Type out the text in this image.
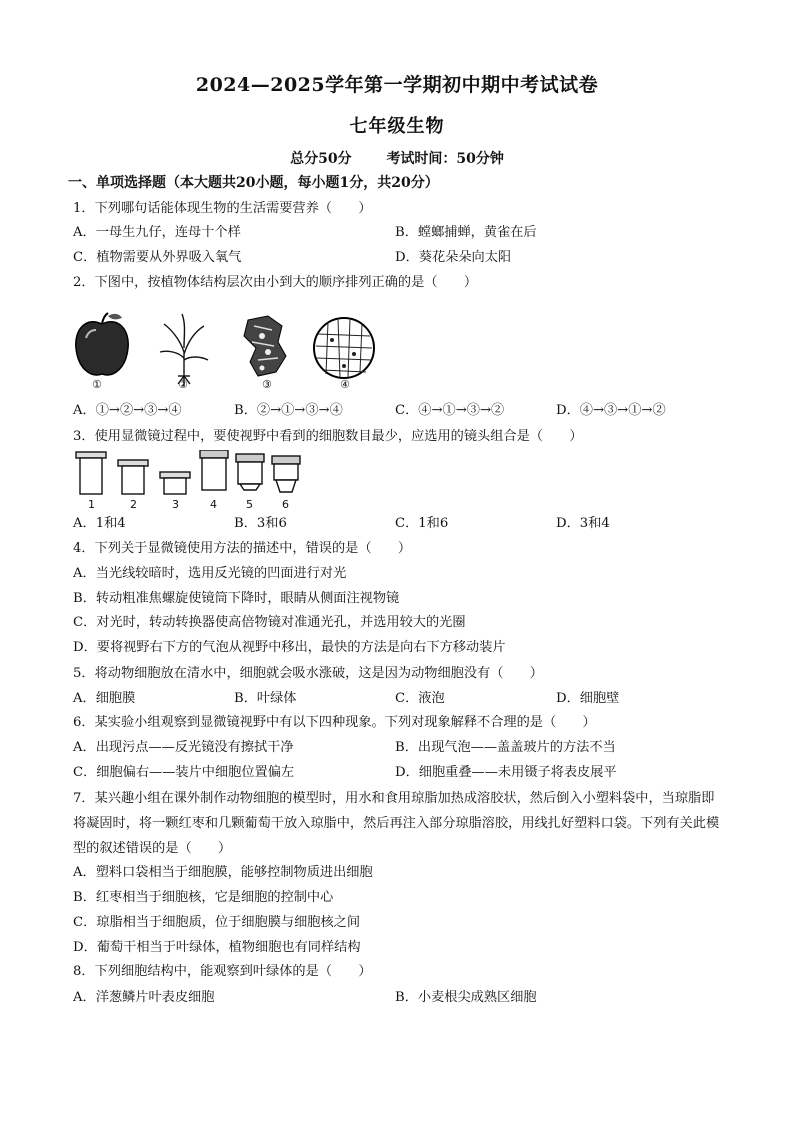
2024—2025学年第一学期初中期中考试试卷
七年级生物
总分50分 考试时间：50分钟
一、单项选择题（本大题共20小题，每小题1分，共20分）
1．下列哪句话能体现生物的生活需要营养（　　）
A．一母生九仔，连母十个样	B．螳螂捕蝉，黄雀在后
C．植物需要从外界吸入氧气	D．葵花朵朵向太阳
2．下图中，按植物体结构层次由小到大的顺序排列正确的是（　　）
①	②	③	④
A．①→②→③→④	B．②→①→③→④	C．④→①→③→②	D．④→③→①→②
3．使用显微镜过程中，要使视野中看到的细胞数目最少，应选用的镜头组合是（　　）
1	2	3	4	5	6
A．1和4	B．3和6	C．1和6	D．3和4
4．下列关于显微镜使用方法的描述中，错误的是（　　）
A．当光线较暗时，选用反光镜的凹面进行对光
B．转动粗准焦螺旋使镜筒下降时，眼睛从侧面注视物镜
C．对光时，转动转换器使高倍物镜对准通光孔，并选用较大的光圈
D．要将视野右下方的气泡从视野中移出，最快的方法是向右下方移动装片
5．将动物细胞放在清水中，细胞就会吸水涨破，这是因为动物细胞没有（　　）
A．细胞膜	B．叶绿体	C．液泡	D．细胞壁
6．某实验小组观察到显微镜视野中有以下四种现象。下列对现象解释不合理的是（　　）
A．出现污点——反光镜没有擦拭干净	B．出现气泡——盖盖玻片的方法不当
C．细胞偏右——装片中细胞位置偏左	D．细胞重叠——未用镊子将表皮展平
7．某兴趣小组在课外制作动物细胞的模型时，用水和食用琼脂加热成溶胶状，然后倒入小塑料袋中，当琼脂即将凝固时，将一颗红枣和几颗葡萄干放入琼脂中，然后再注入部分琼脂溶胶，用线扎好塑料口袋。下列有关此模型的叙述错误的是（　　）
A．塑料口袋相当于细胞膜，能够控制物质进出细胞
B．红枣相当于细胞核，它是细胞的控制中心
C．琼脂相当于细胞质，位于细胞膜与细胞核之间
D．葡萄干相当于叶绿体，植物细胞也有同样结构
8．下列细胞结构中，能观察到叶绿体的是（　　）
A．洋葱鳞片叶表皮细胞	B．小麦根尖成熟区细胞
